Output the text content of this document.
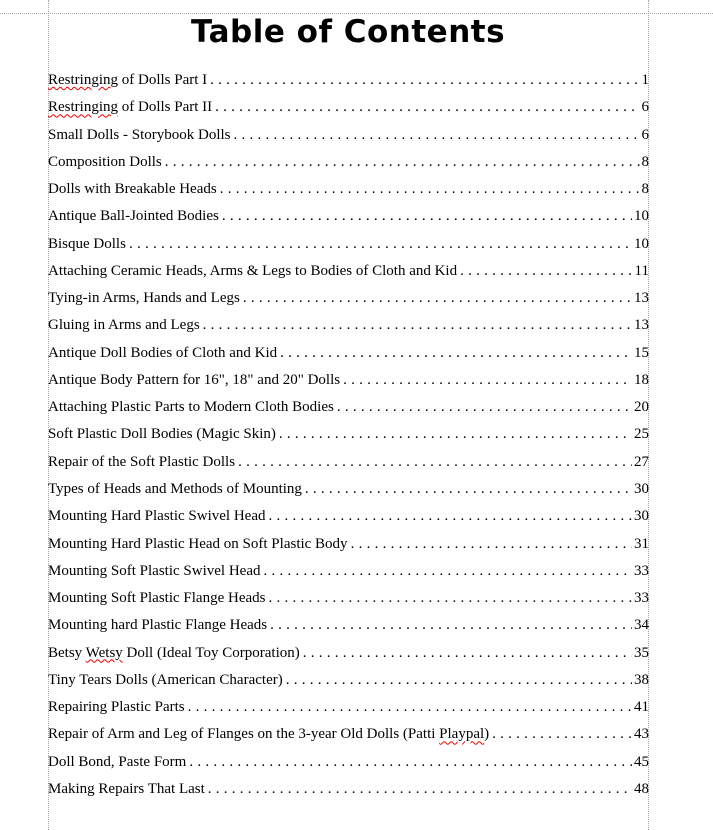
Table of Contents
Restringing of Dolls Part I . . .	1
Restringing of Dolls Part II . . .	6
Small Dolls - Storybook Dolls . . .	6
Composition Dolls . . .	8
Dolls with Breakable Heads . . .	8
Antique Ball-Jointed Bodies . . .	10
Bisque Dolls . . .	10
Attaching Ceramic Heads, Arms & Legs to Bodies of Cloth and Kid . . .	11
Tying-in Arms, Hands and Legs . . .	13
Gluing in Arms and Legs . . .	13
Antique Doll Bodies of Cloth and Kid . . .	15
Antique Body Pattern for 16", 18" and 20" Dolls . . .	18
Attaching Plastic Parts to Modern Cloth Bodies . . .	20
Soft Plastic Doll Bodies (Magic Skin) . . .	25
Repair of the Soft Plastic Dolls . . .	27
Types of Heads and Methods of Mounting . . .	30
Mounting Hard Plastic Swivel Head . . .	30
Mounting Hard Plastic Head on Soft Plastic Body . . .	31
Mounting Soft Plastic Swivel Head . . .	33
Mounting Soft Plastic Flange Heads . . .	33
Mounting hard Plastic Flange Heads . . .	34
Betsy Wetsy Doll (Ideal Toy Corporation) . . .	35
Tiny Tears Dolls (American Character) . . .	38
Repairing Plastic Parts . . .	41
Repair of Arm and Leg of Flanges on the 3-year Old Dolls (Patti Playpal) . . .	43
Doll Bond, Paste Form . . .	45
Making Repairs That Last . . .	48
